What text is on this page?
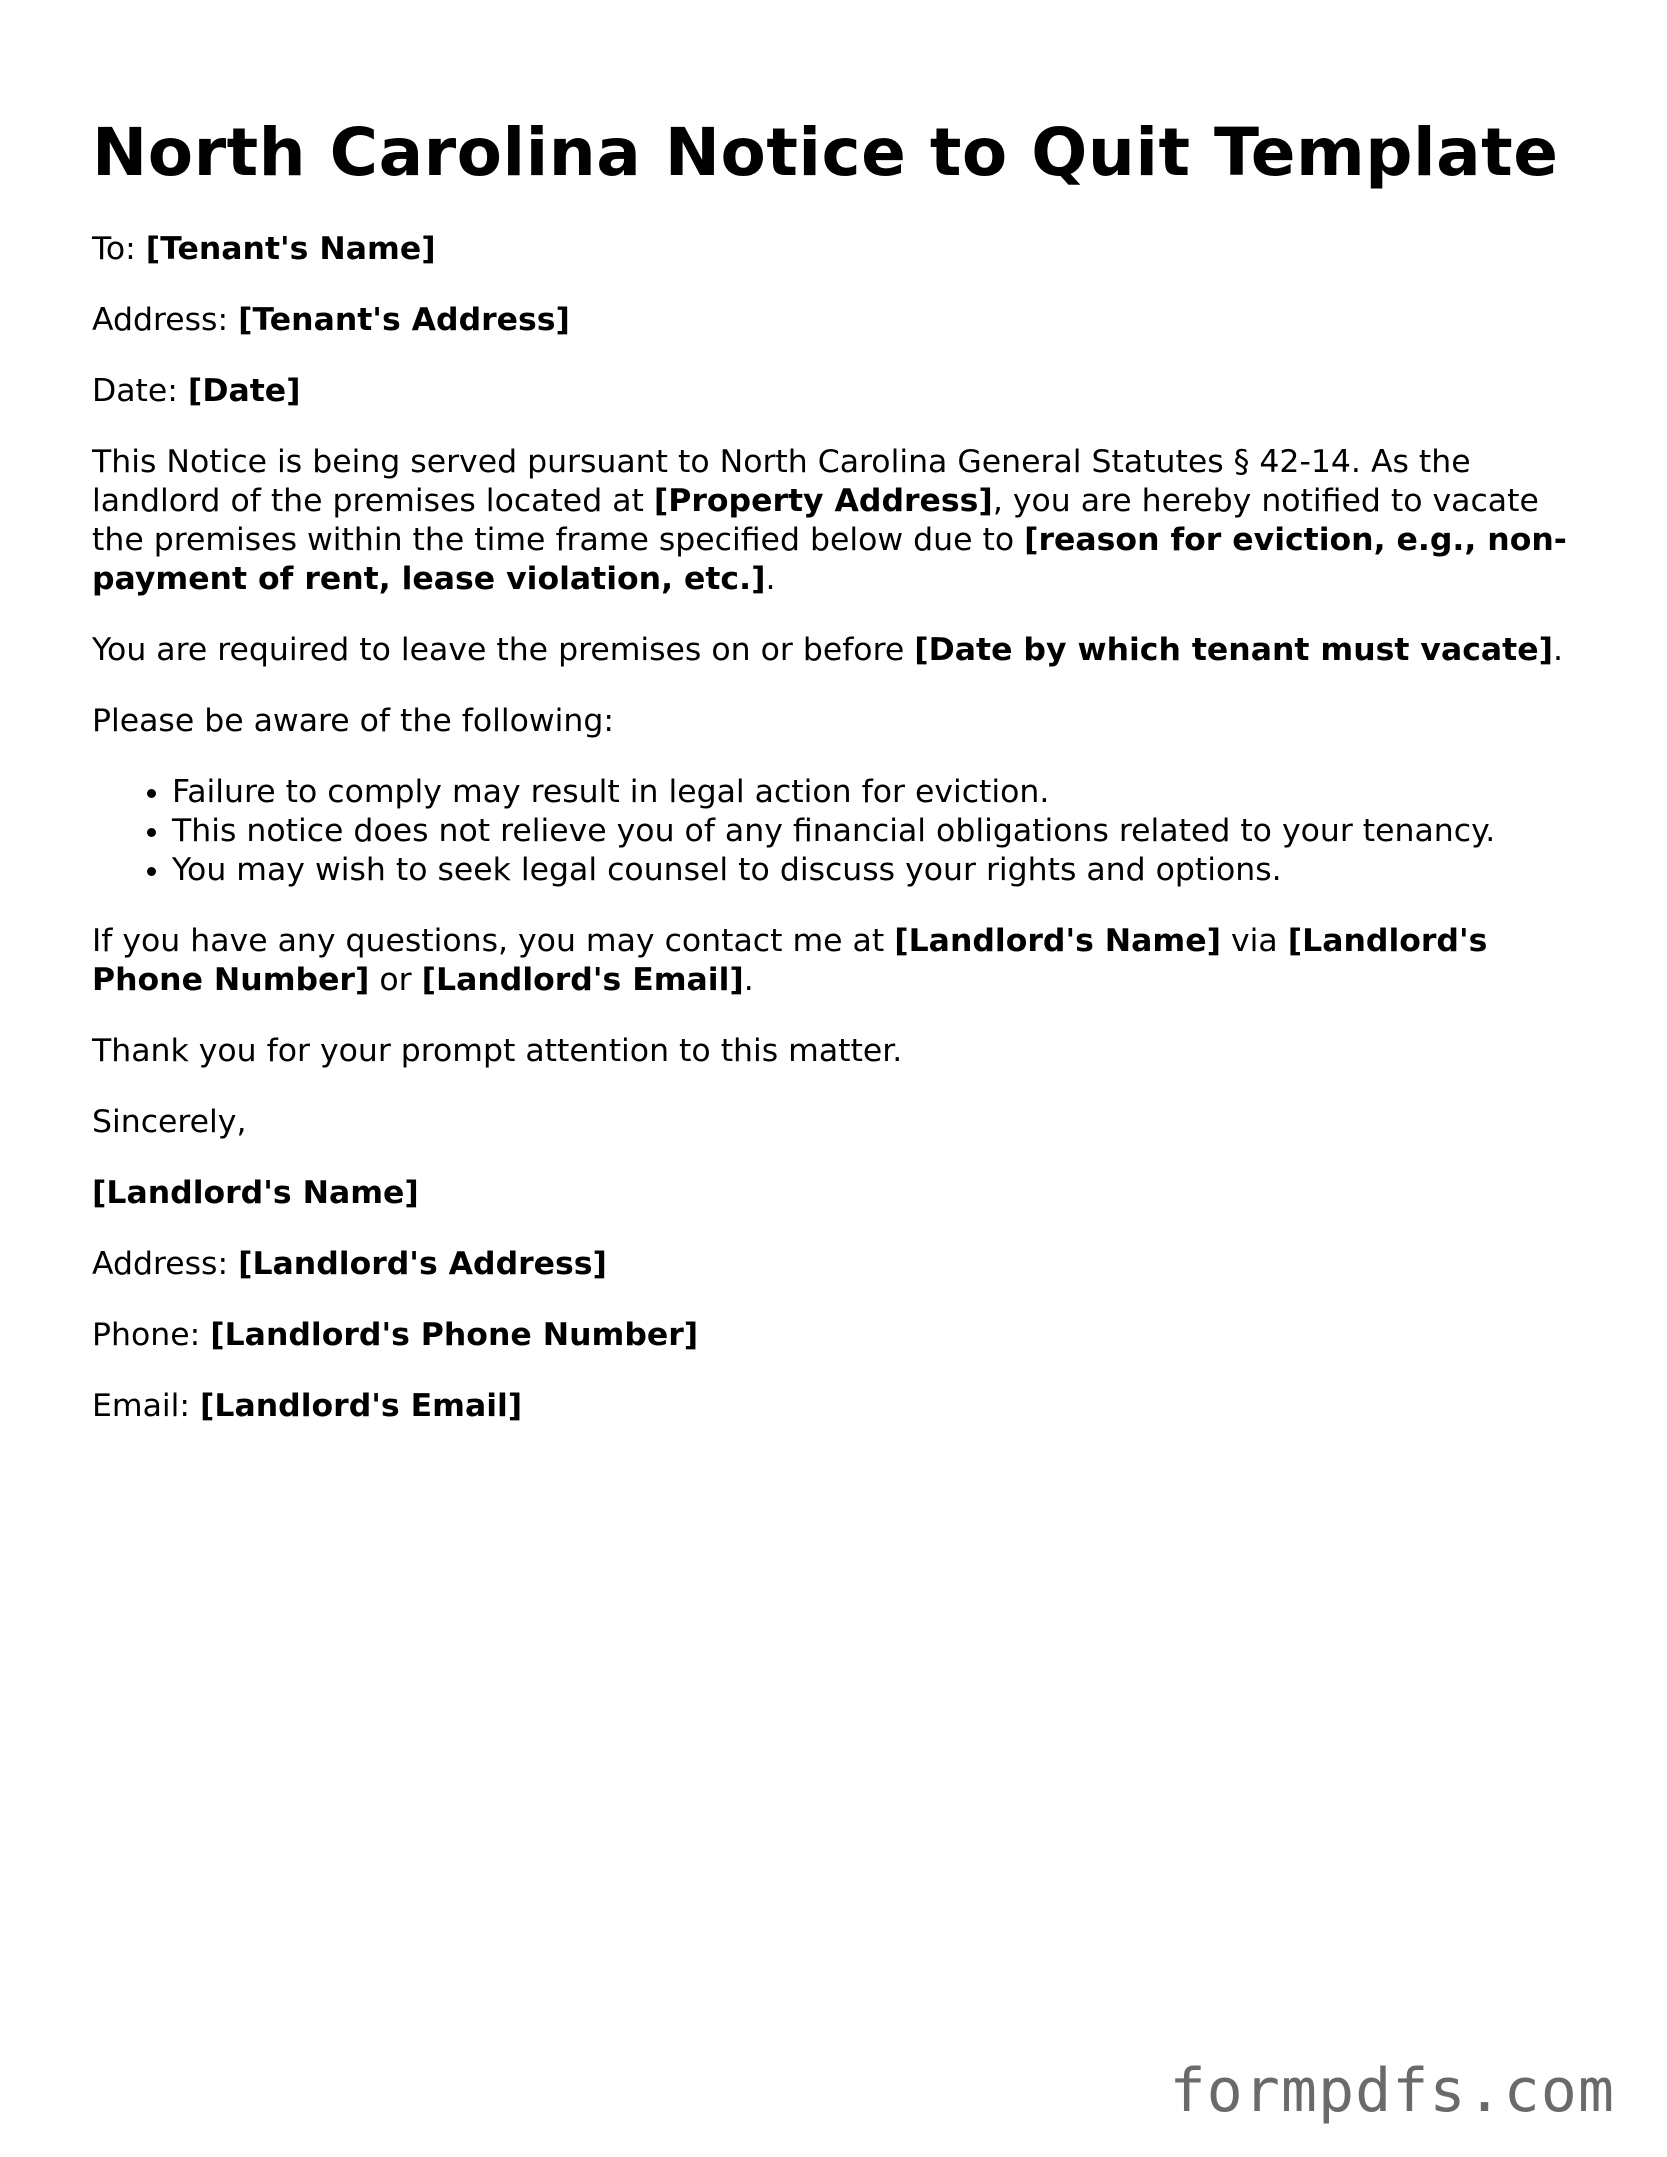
North Carolina Notice to Quit Template

To: [Tenant's Name]

Address: [Tenant's Address]

Date: [Date]

This Notice is being served pursuant to North Carolina General Statutes § 42-14. As the landlord of the premises located at [Property Address], you are hereby notified to vacate the premises within the time frame specified below due to [reason for eviction, e.g., non-payment of rent, lease violation, etc.].

You are required to leave the premises on or before [Date by which tenant must vacate].

Please be aware of the following:

• Failure to comply may result in legal action for eviction.
• This notice does not relieve you of any financial obligations related to your tenancy.
• You may wish to seek legal counsel to discuss your rights and options.

If you have any questions, you may contact me at [Landlord's Name] via [Landlord's Phone Number] or [Landlord's Email].

Thank you for your prompt attention to this matter.

Sincerely,

[Landlord's Name]

Address: [Landlord's Address]

Phone: [Landlord's Phone Number]

Email: [Landlord's Email]

formpdfs.com
